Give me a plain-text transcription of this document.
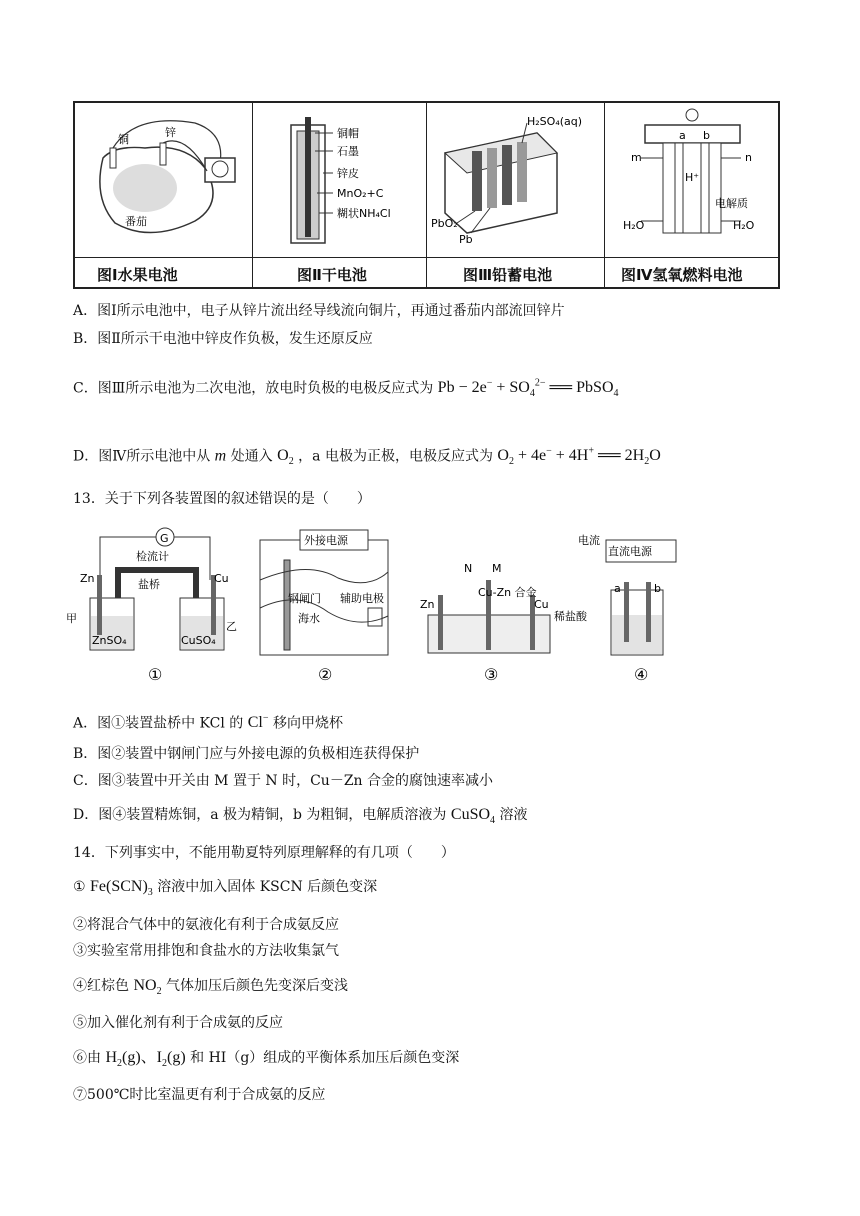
铜
锌
番茄
铜帽
石墨
锌皮
MnO₂+C
糊状NH₄Cl
H₂SO₄(aq)
PbO₂
Pb
a b
m	n
H⁺
电解质
H₂O	H₂O
图Ⅰ水果电池	图Ⅱ干电池	图Ⅲ铅蓄电池	图Ⅳ氢氧燃料电池
A．图Ⅰ所示电池中，电子从锌片流出经导线流向铜片，再通过番茄内部流回锌片
B．图Ⅱ所示干电池中锌皮作负极，发生还原反应
C．图Ⅲ所示电池为二次电池，放电时负极的电极反应式为 $Pb - 2e^- + SO_4^{2-}$ ══ PbSO$_4$
D．图Ⅳ所示电池中从 m 处通入 $O_2$ ，a 电极为正极，电极反应式为 $O_2 + 4e^- + 4H^+$ ══ $2H_2O$
13．关于下列各装置图的叙述错误的是（　　）
G
检流计
盐桥
Zn	Cu
甲
乙
ZnSO₄	CuSO₄
①
外接电源
钢闸门
海水
辅助电极
②
Zn
N M
Cu-Zn 合金
Cu
稀盐酸
③
直流电源
电流
a	b
④
A．图①装置盐桥中 KCl 的 Cl− 移向甲烧杯
B．图②装置中钢闸门应与外接电源的负极相连获得保护
C．图③装置中开关由 M 置于 N 时，Cu－Zn 合金的腐蚀速率减小
D．图④装置精炼铜，a 极为精铜，b 为粗铜，电解质溶液为 CuSO$_4$ 溶液
14．下列事实中，不能用勒夏特列原理解释的有几项（　　）
① $Fe(SCN)_3$ 溶液中加入固体 KSCN 后颜色变深
②将混合气体中的氨液化有利于合成氨反应
③实验室常用排饱和食盐水的方法收集氯气
④红棕色 $NO_2$ 气体加压后颜色先变深后变浅
⑤加入催化剂有利于合成氨的反应
⑥由 $H_2(g)$、$I_2(g)$ 和 HI（g）组成的平衡体系加压后颜色变深
⑦500℃时比室温更有利于合成氨的反应
